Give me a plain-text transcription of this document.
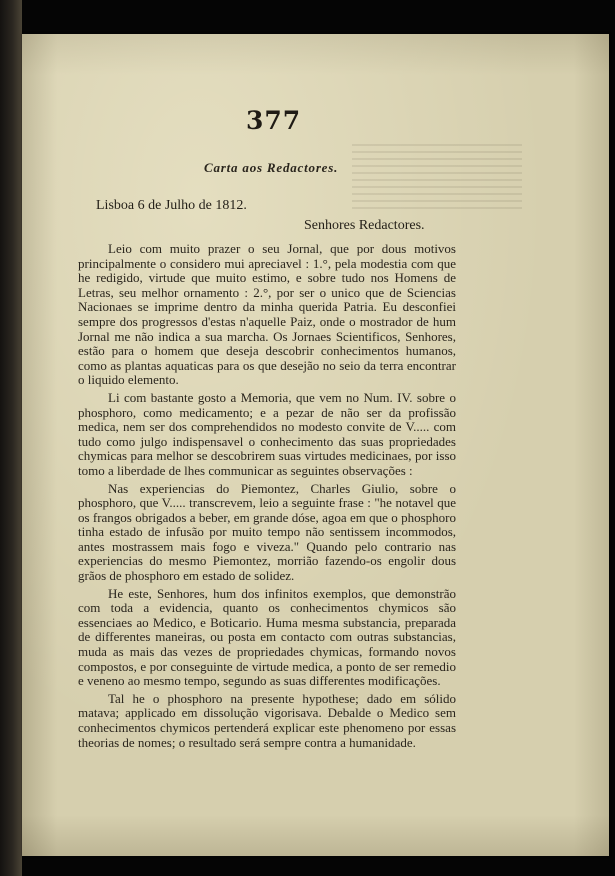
377
Carta aos Redactores.
Lisboa 6 de Julho de 1812.
Senhores Redactores.

Leio com muito prazer o seu Jornal, que por dous motivos principalmente o considero mui apreciavel : 1.°, pela modestia com que he redigido, virtude que muito estimo, e sobre tudo nos Homens de Letras, seu melhor ornamento : 2.°, por ser o unico que de Sciencias Nacionaes se imprime dentro da minha querida Patria. Eu desconfiei sempre dos progressos d'estas n'aquelle Paiz, onde o mostrador de hum Jornal me não indica a sua marcha. Os Jornaes Scientificos, Senhores, estão para o homem que deseja descobrir conhecimentos humanos, como as plantas aquaticas para os que desejão no seio da terra encontrar o liquido elemento.

Li com bastante gosto a Memoria, que vem no Num. IV. sobre o phosphoro, como medicamento; e a pezar de não ser da profissão medica, nem ser dos comprehendidos no modesto convite de V..... com tudo como julgo indispensavel o conhecimento das suas propriedades chymicas para melhor se descobrirem suas virtudes medicinaes, por isso tomo a liberdade de lhes communicar as seguintes observações :

Nas experiencias do Piemontez, Charles Giulio, sobre o phosphoro, que V..... transcrevem, leio a seguinte frase : "he notavel que os frangos obrigados a beber, em grande dóse, agoa em que o phosphoro tinha estado de infusão por muito tempo não sentissem incommodos, antes mostrassem mais fogo e viveza." Quando pelo contrario nas experiencias do mesmo Piemontez, morrião fazendo-os engolir dous grãos de phosphoro em estado de solidez.

He este, Senhores, hum dos infinitos exemplos, que demonstrão com toda a evidencia, quanto os conhecimentos chymicos são essenciaes ao Medico, e Boticario. Huma mesma substancia, preparada de differentes maneiras, ou posta em contacto com outras substancias, muda as mais das vezes de propriedades chymicas, formando novos compostos, e por conseguinte de virtude medica, a ponto de ser remedio e veneno ao mesmo tempo, segundo as suas differentes modificações.

Tal he o phosphoro na presente hypothese; dado em sólido matava; applicado em dissolução vigorisava. Debalde o Medico sem conhecimentos chymicos pertenderá explicar este phenomeno por essas theorias de nomes; o resultado será sempre contra a humanidade.
